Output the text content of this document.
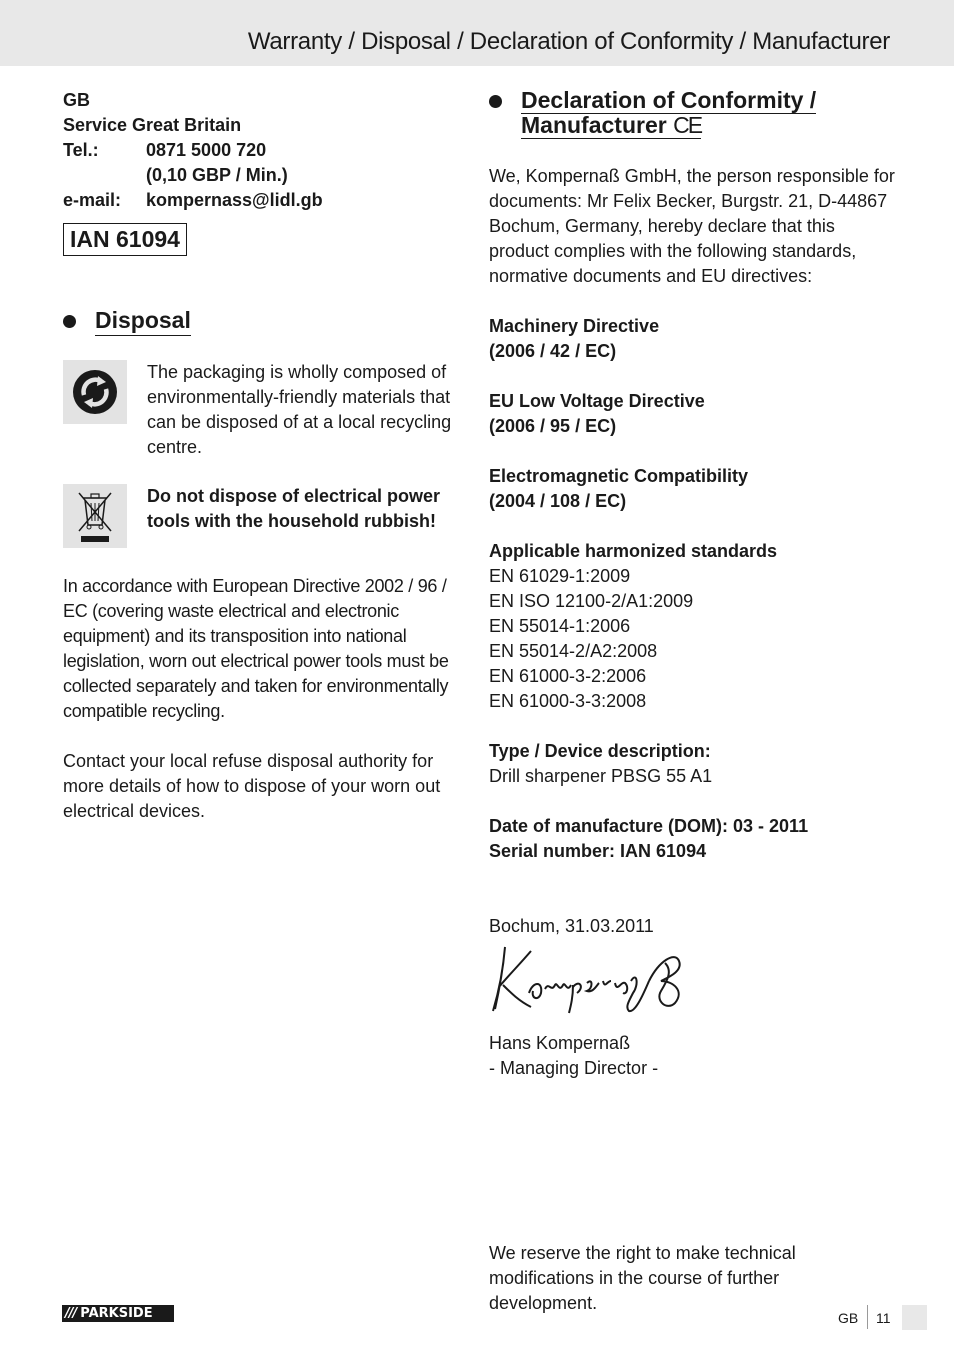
Warranty / Disposal / Declaration of Conformity / Manufacturer
GB
Service Great Britain
Tel.:	0871 5000 720
(0,10 GBP / Min.)
e-mail:	kompernass@lidl.gb
IAN 61094
Disposal
The packaging is wholly composed of environmentally-friendly materials that can be disposed of at a local recycling centre.
Do not dispose of electrical power tools with the household rubbish!
In accordance with European Directive 2002 / 96 / EC (covering waste electrical and electronic equipment) and its transposition into national legislation, worn out electrical power tools must be collected separately and taken for environmentally compatible recycling.
Contact your local refuse disposal authority for more details of how to dispose of your worn out electrical devices.
Declaration of Conformity /
Manufacturer CE
We, Kompernaß GmbH, the person responsible for documents: Mr Felix Becker, Burgstr. 21, D-44867 Bochum, Germany, hereby declare that this product complies with the following standards, normative documents and EU directives:
Machinery Directive
(2006 / 42 / EC)
EU Low Voltage Directive
(2006 / 95 / EC)
Electromagnetic Compatibility
(2004 / 108 / EC)
Applicable harmonized standards
EN 61029-1:2009
EN ISO 12100-2/A1:2009
EN 55014-1:2006
EN 55014-2/A2:2008
EN 61000-3-2:2006
EN 61000-3-3:2008
Type / Device description:
Drill sharpener PBSG 55 A1
Date of manufacture (DOM): 03 - 2011
Serial number: IAN 61094
Bochum, 31.03.2011
Hans Kompernaß
- Managing Director -
We reserve the right to make technical modifications in the course of further development.
/// PARKSIDE	GB 11
